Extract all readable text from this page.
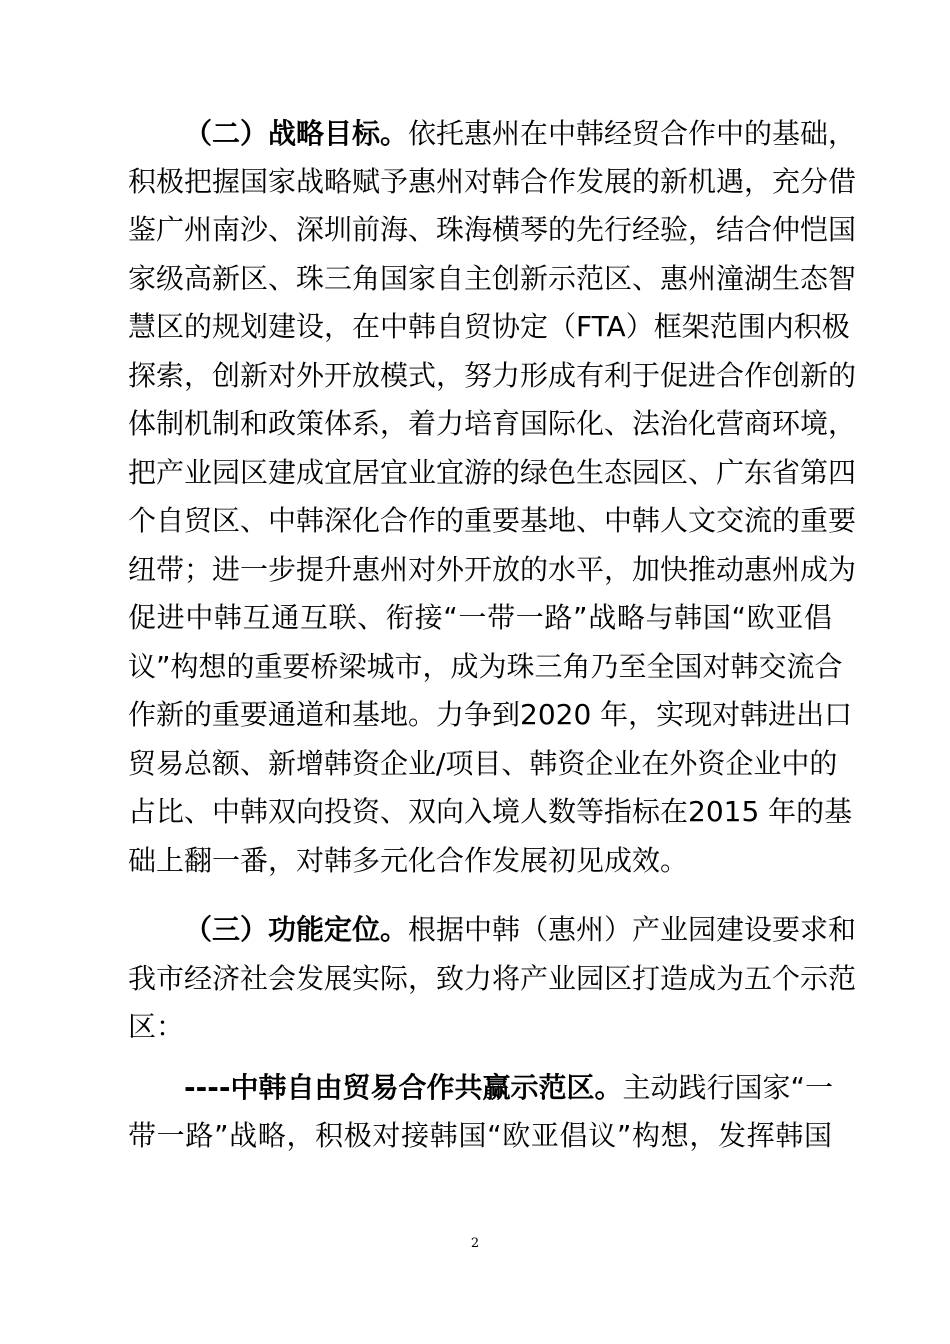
（二）战略目标。依托惠州在中韩经贸合作中的基础，
积极把握国家战略赋予惠州对韩合作发展的新机遇，充分借
鉴广州南沙、深圳前海、珠海横琴的先行经验，结合仲恺国
家级高新区、珠三角国家自主创新示范区、惠州潼湖生态智
慧区的规划建设，在中韩自贸协定（FTA）框架范围内积极
探索，创新对外开放模式，努力形成有利于促进合作创新的
体制机制和政策体系，着力培育国际化、法治化营商环境，
把产业园区建成宜居宜业宜游的绿色生态园区、广东省第四
个自贸区、中韩深化合作的重要基地、中韩人文交流的重要
纽带；进一步提升惠州对外开放的水平，加快推动惠州成为
促进中韩互通互联、衔接“一带一路”战略与韩国“欧亚倡
议”构想的重要桥梁城市，成为珠三角乃至全国对韩交流合
作新的重要通道和基地。力争到2020 年，实现对韩进出口
贸易总额、新增韩资企业/项目、韩资企业在外资企业中的
占比、中韩双向投资、双向入境人数等指标在2015 年的基
础上翻一番，对韩多元化合作发展初见成效。
（三）功能定位。根据中韩（惠州）产业园建设要求和
我市经济社会发展实际，致力将产业园区打造成为五个示范
区：
----中韩自由贸易合作共赢示范区。主动践行国家“一
带一路”战略，积极对接韩国“欧亚倡议”构想，发挥韩国
2
